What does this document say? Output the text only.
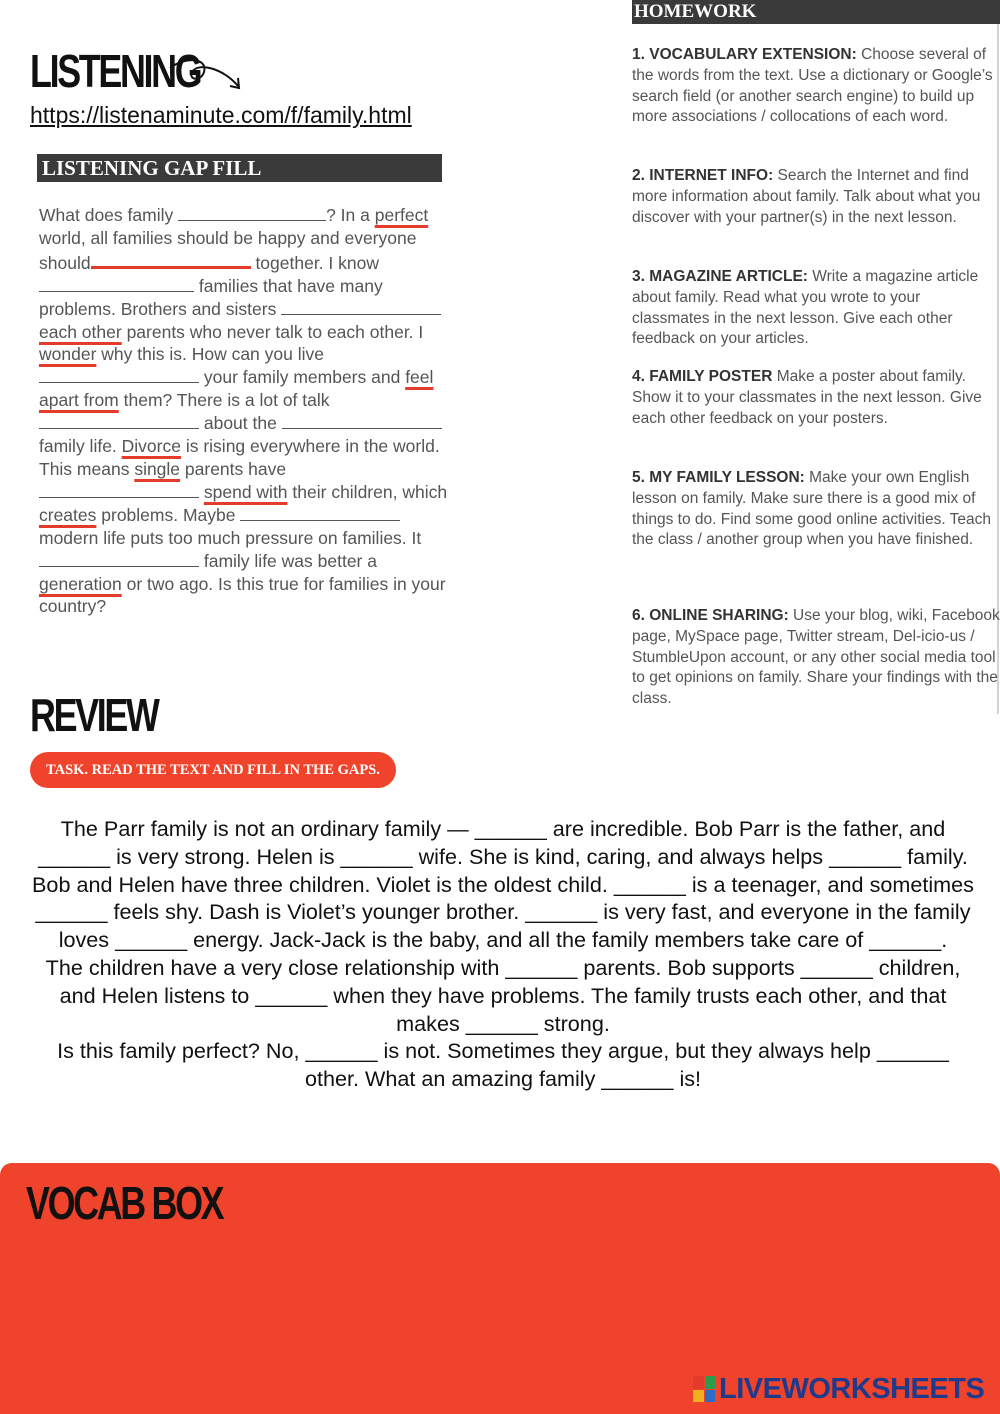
LISTENING
https://listenaminute.com/f/family.html
LISTENING GAP FILL
What does family	? In a perfect world, all families should be happy and everyone should	together. I know  families that have many problems. Brothers and sisters  each other parents who never talk to each other. I wonder why this is. How can you live  your family members and feel apart from them? There is a lot of talk  about the  family life. Divorce is rising everywhere in the world. This means single parents have  spend with their children, which creates problems. Maybe  modern life puts too much pressure on families. It  family life was better a generation or two ago. Is this true for families in your country?
HOMEWORK
1. VOCABULARY EXTENSION: Choose several of the words from the text. Use a dictionary or Google’s search field (or another search engine) to build up more associations / collocations of each word.
2. INTERNET INFO: Search the Internet and find more information about family. Talk about what you discover with your partner(s) in the next lesson.
3. MAGAZINE ARTICLE: Write a magazine article about family. Read what you wrote to your classmates in the next lesson. Give each other feedback on your articles.
4. FAMILY POSTER Make a poster about family. Show it to your classmates in the next lesson. Give each other feedback on your posters.
5. MY FAMILY LESSON: Make your own English lesson on family. Make sure there is a good mix of things to do. Find some good online activities. Teach the class / another group when you have finished.
6. ONLINE SHARING: Use your blog, wiki, Facebook page, MySpace page, Twitter stream, Del-icio-us / StumbleUpon account, or any other social media tool to get opinions on family. Share your findings with the class.
REVIEW
TASK. READ THE TEXT AND FILL IN THE GAPS.

The Parr family is not an ordinary family — ______ are incredible. Bob Parr is the father, and ______ is very strong. Helen is ______ wife. She is kind, caring, and always helps ______ family.

Bob and Helen have three children. Violet is the oldest child. ______ is a teenager, and sometimes ______ feels shy. Dash is Violet’s younger brother. ______ is very fast, and everyone in the family loves ______ energy. Jack-Jack is the baby, and all the family members take care of ______.

The children have a very close relationship with ______ parents. Bob supports ______ children, and Helen listens to ______ when they have problems. The family trusts each other, and that makes ______ strong.

Is this family perfect? No, ______ is not. Sometimes they argue, but they always help ______ other. What an amazing family ______ is!

VOCAB BOX
LIVEWORKSHEETS
